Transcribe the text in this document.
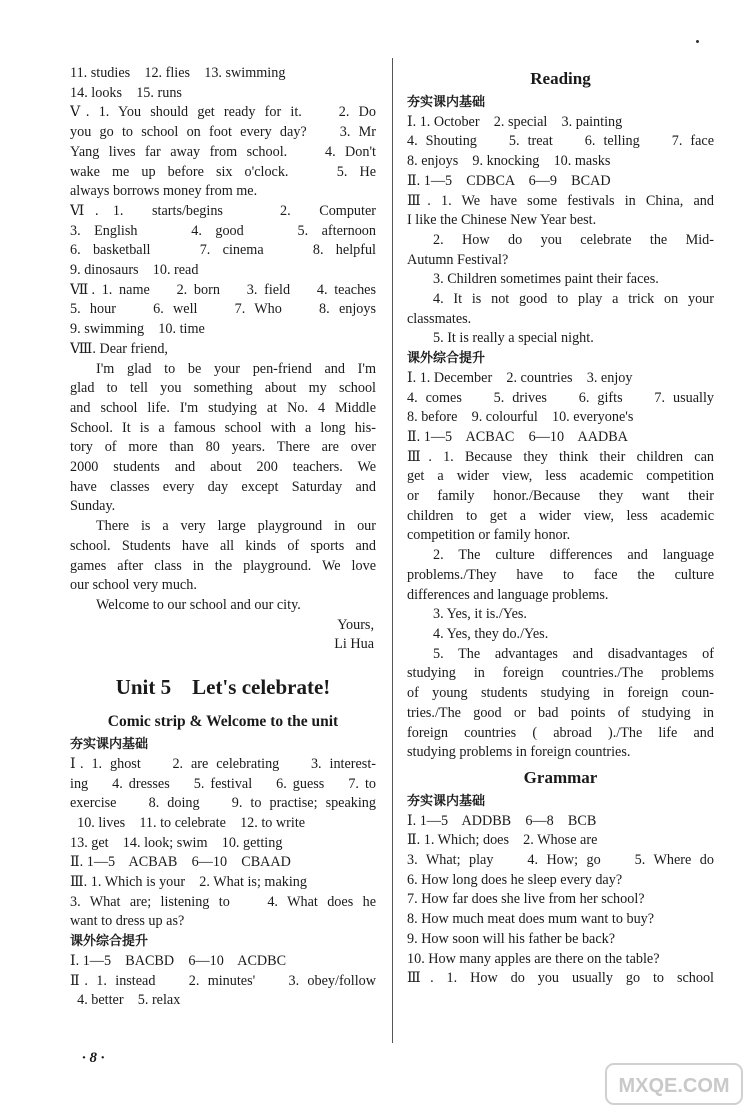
11. studies    12. flies    13. swimming
14. looks    15. runs
Ⅴ. 1. You should get ready for it.    2. Do
you go to school on foot every day?    3. Mr
Yang lives far away from school.    4. Don't
wake me up before six o'clock.    5. He
always borrows money from me.
Ⅵ. 1.  starts/begins    2.  Computer
3. English    4. good    5. afternoon
6. basketball    7. cinema    8. helpful
9. dinosaurs    10. read
Ⅶ. 1. name    2. born    3. field    4. teaches
5. hour    6. well    7. Who    8. enjoys
9. swimming    10. time
Ⅷ. Dear friend,
I'm glad to be your pen-friend and I'm
glad to tell you something about my school
and school life. I'm studying at No. 4 Middle
School. It is a famous school with a long his-
tory of more than 80 years. There are over
2000 students and about 200 teachers. We
have classes every day except Saturday and
Sunday.
There is a very large playground in our
school. Students have all kinds of sports and
games after class in the playground. We love
our school very much.
Welcome to our school and our city.
Yours,
Li Hua
Unit 5    Let's celebrate!
Comic strip & Welcome to the unit
夯实课内基础
Ⅰ. 1. ghost    2. are celebrating    3. interest-
ing    4. dresses    5. festival    6. guess    7. to
exercise    8. doing    9. to practise; speaking
10. lives    11. to celebrate    12. to write
13. get    14. look; swim    10. getting
Ⅱ. 1—5    ACBAB    6—10    CBAAD
Ⅲ. 1. Which is your    2. What is; making
3. What are; listening to    4. What does he
want to dress up as?
课外综合提升
Ⅰ. 1—5    BACBD    6—10    ACDBC
Ⅱ. 1. instead    2. minutes'    3. obey/follow
4. better    5. relax
Reading
夯实课内基础
Ⅰ. 1. October    2. special    3. painting
4. Shouting    5. treat    6. telling    7. face
8. enjoys    9. knocking    10. masks
Ⅱ. 1—5    CDBCA    6—9    BCAD
Ⅲ. 1. We have some festivals in China, and
I like the Chinese New Year best.
2. How do you celebrate the Mid-
Autumn Festival?
3. Children sometimes paint their faces.
4. It is not good to play a trick on your
classmates.
5. It is really a special night.
课外综合提升
Ⅰ. 1. December    2. countries    3. enjoy
4. comes    5. drives    6. gifts    7. usually
8. before    9. colourful    10. everyone's
Ⅱ. 1—5    ACBAC    6—10    AADBA
Ⅲ. 1. Because they think their children can
get a wider view, less academic competition
or family honor./Because they want their
children to get a wider view, less academic
competition or family honor.
2. The culture differences and language
problems./They have to face the culture
differences and language problems.
3. Yes, it is./Yes.
4. Yes, they do./Yes.
5. The advantages and disadvantages of
studying in foreign countries./The problems
of young students studying in foreign coun-
tries./The good or bad points of studying in
foreign countries ( abroad )./The life and
studying problems in foreign countries.
Grammar
夯实课内基础
Ⅰ. 1—5    ADDBB    6—8    BCB
Ⅱ. 1. Which; does    2. Whose are
3. What; play    4. How; go    5. Where do
6. How long does he sleep every day?
7. How far does she live from her school?
8. How much meat does mum want to buy?
9. How soon will his father be back?
10. How many apples are there on the table?
Ⅲ. 1. How do you usually go to school
· 8 ·
MXQE.COM
